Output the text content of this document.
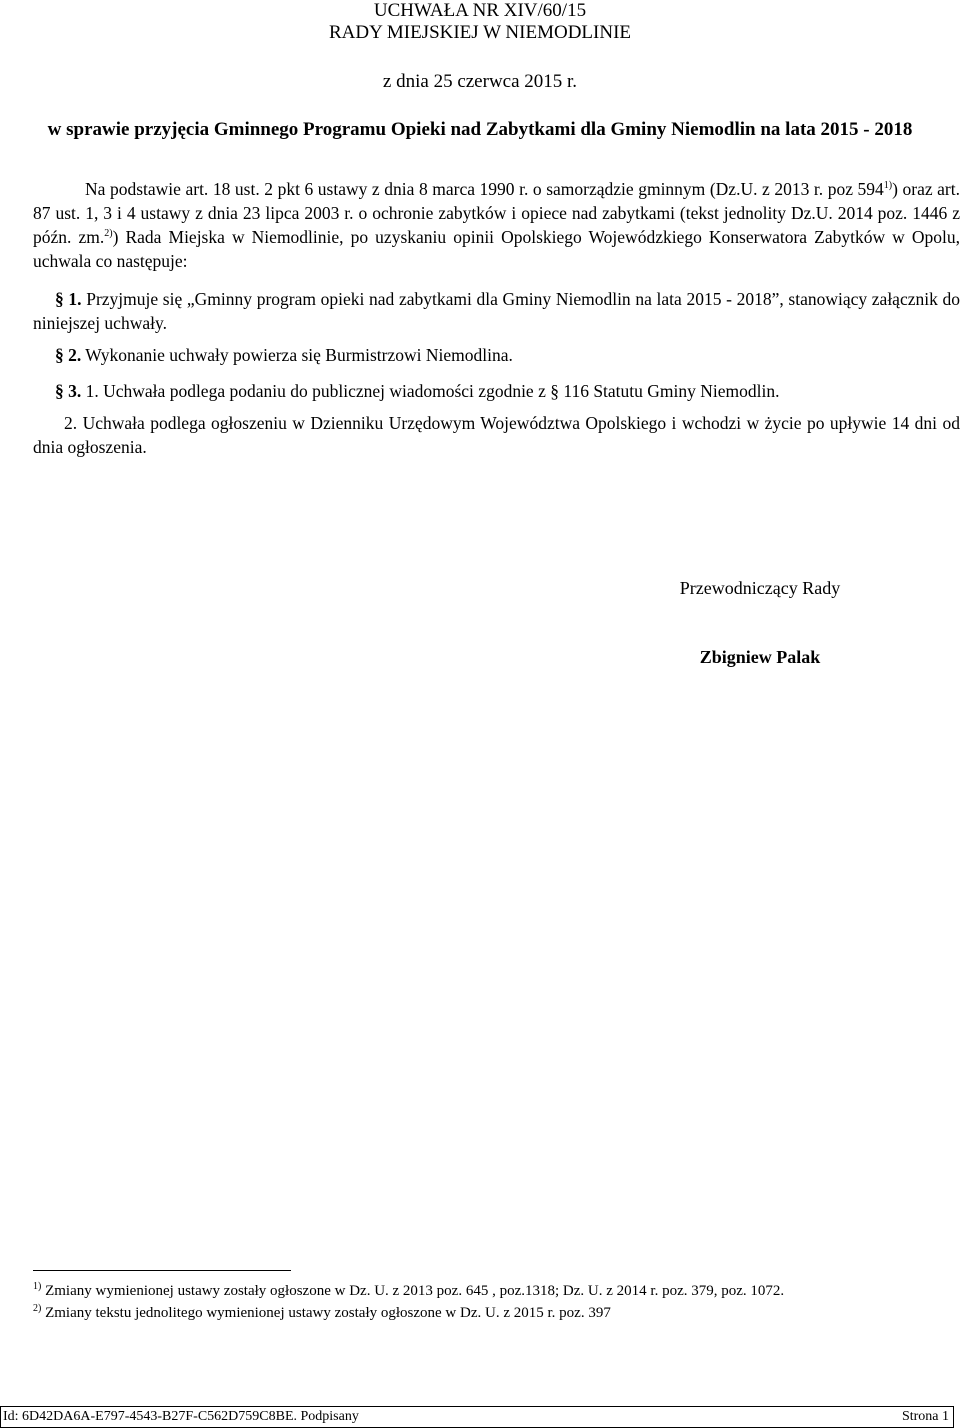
UCHWAŁA NR XIV/60/15
RADY MIEJSKIEJ W NIEMODLINIE
z dnia 25 czerwca 2015 r.
w sprawie przyjęcia Gminnego Programu Opieki nad Zabytkami dla Gminy Niemodlin na lata 2015 - 2018
Na podstawie art. 18 ust. 2 pkt 6 ustawy z dnia 8 marca 1990 r. o samorządzie gminnym (Dz.U. z 2013 r. poz 594$^{1)}$) oraz art. 87 ust. 1, 3 i 4 ustawy z dnia 23 lipca 2003 r. o ochronie zabytków i opiece nad zabytkami (tekst jednolity Dz.U. 2014 poz. 1446 z późn. zm.$^{2)}$) Rada Miejska w Niemodlinie, po uzyskaniu opinii Opolskiego Wojewódzkiego Konserwatora Zabytków w Opolu, uchwala co następuje:
§ 1. Przyjmuje się „Gminny program opieki nad zabytkami dla Gminy Niemodlin na lata 2015 - 2018”, stanowiący załącznik do niniejszej uchwały.
§ 2. Wykonanie uchwały powierza się Burmistrzowi Niemodlina.
§ 3. 1. Uchwała podlega podaniu do publicznej wiadomości zgodnie z § 116 Statutu Gminy Niemodlin.
2. Uchwała podlega ogłoszeniu w Dzienniku Urzędowym Województwa Opolskiego i wchodzi w życie po upływie 14 dni od dnia ogłoszenia.
Przewodniczący Rady
Zbigniew Palak
$^{1)}$ Zmiany wymienionej ustawy zostały ogłoszone w Dz. U. z 2013 poz. 645 , poz.1318; Dz. U. z 2014 r. poz. 379, poz. 1072.
$^{2)}$ Zmiany tekstu jednolitego wymienionej ustawy zostały ogłoszone w Dz. U. z 2015 r. poz. 397
Id: 6D42DA6A-E797-4543-B27F-C562D759C8BE. Podpisany	Strona 1
